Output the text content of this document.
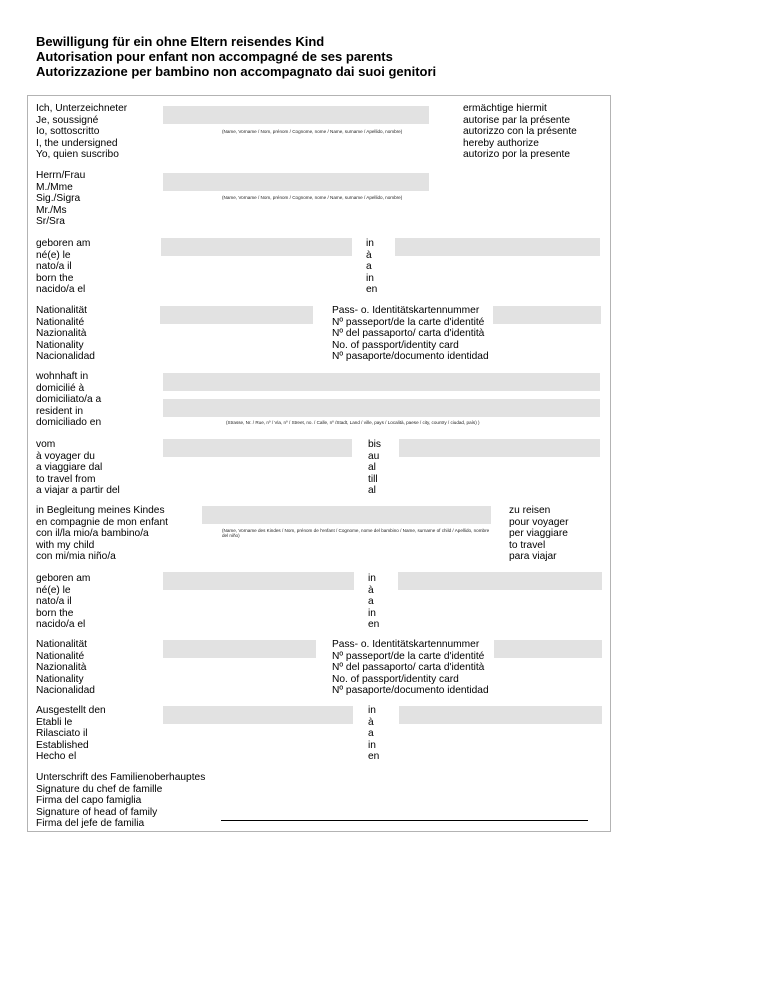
Bewilligung für ein ohne Eltern reisendes Kind
Autorisation pour enfant non accompagné de ses parents
Autorizzazione per bambino non accompagnato dai suoi genitori
Ich, Unterzeichneter
Je, soussigné
Io, sottoscritto
I, the undersigned
Yo, quien suscribo
(Name, Vorname / Nom, prénom / Cognome, nome / Name, surname / Apellido, nombre)
ermächtige hiermit
autorise par la présente
autorizzo con la présente
hereby authorize
autorizo por la presente
Herrn/Frau
M./Mme
Sig./Sigra
Mr./Ms
Sr/Sra
(Name, Vorname / Nom, prénom / Cognome, nome / Name, surname / Apellido, nombre)
geboren am
né(e) le
nato/a il
born the
nacido/a el
in
à
a
in
en
Nationalität
Nationalité
Nazionalità
Nationality
Nacionalidad
Pass- o. Identitätskartennummer
Nº passeport/de la carte d'identité
Nº del passaporto/ carta d'identità
No. of passport/identity card
Nº pasaporte/documento identidad
wohnhaft in
domicilié à
domiciliato/a a
resident in
domiciliado en	(Strasse, Nr. / Rue, nº / Via, nº / Street, no. / Calle, nº /Stadt, Land / ville, pays / Località, paese / city, country / ciudad, país) )
vom
à voyager du
a viaggiare dal
to travel from
a viajar a partir del
bis
au
al
till
al
in Begleitung meines Kindes
en compagnie de mon enfant
con il/la mio/a bambino/a
with my child
con mi/mia niño/a
(Name, Vorname des Kindes / Nom, prénom de l'enfant / Cognome, nome del bambino / Name, surname of child / Apellido, nombre del niño)
zu reisen
pour voyager
per viaggiare
to travel
para viajar
geboren am
né(e) le
nato/a il
born the
nacido/a el
in
à
a
in
en
Nationalität
Nationalité
Nazionalità
Nationality
Nacionalidad
Pass- o. Identitätskartennummer
Nº passeport/de la carte d'identité
Nº del passaporto/ carta d'identità
No. of passport/identity card
Nº pasaporte/documento identidad
Ausgestellt den
Etabli le
Rilasciato il
Established
Hecho el
in
à
a
in
en
Unterschrift des Familienoberhauptes
Signature du chef de famille
Firma del capo famiglia
Signature of head of family
Firma del jefe de familia
